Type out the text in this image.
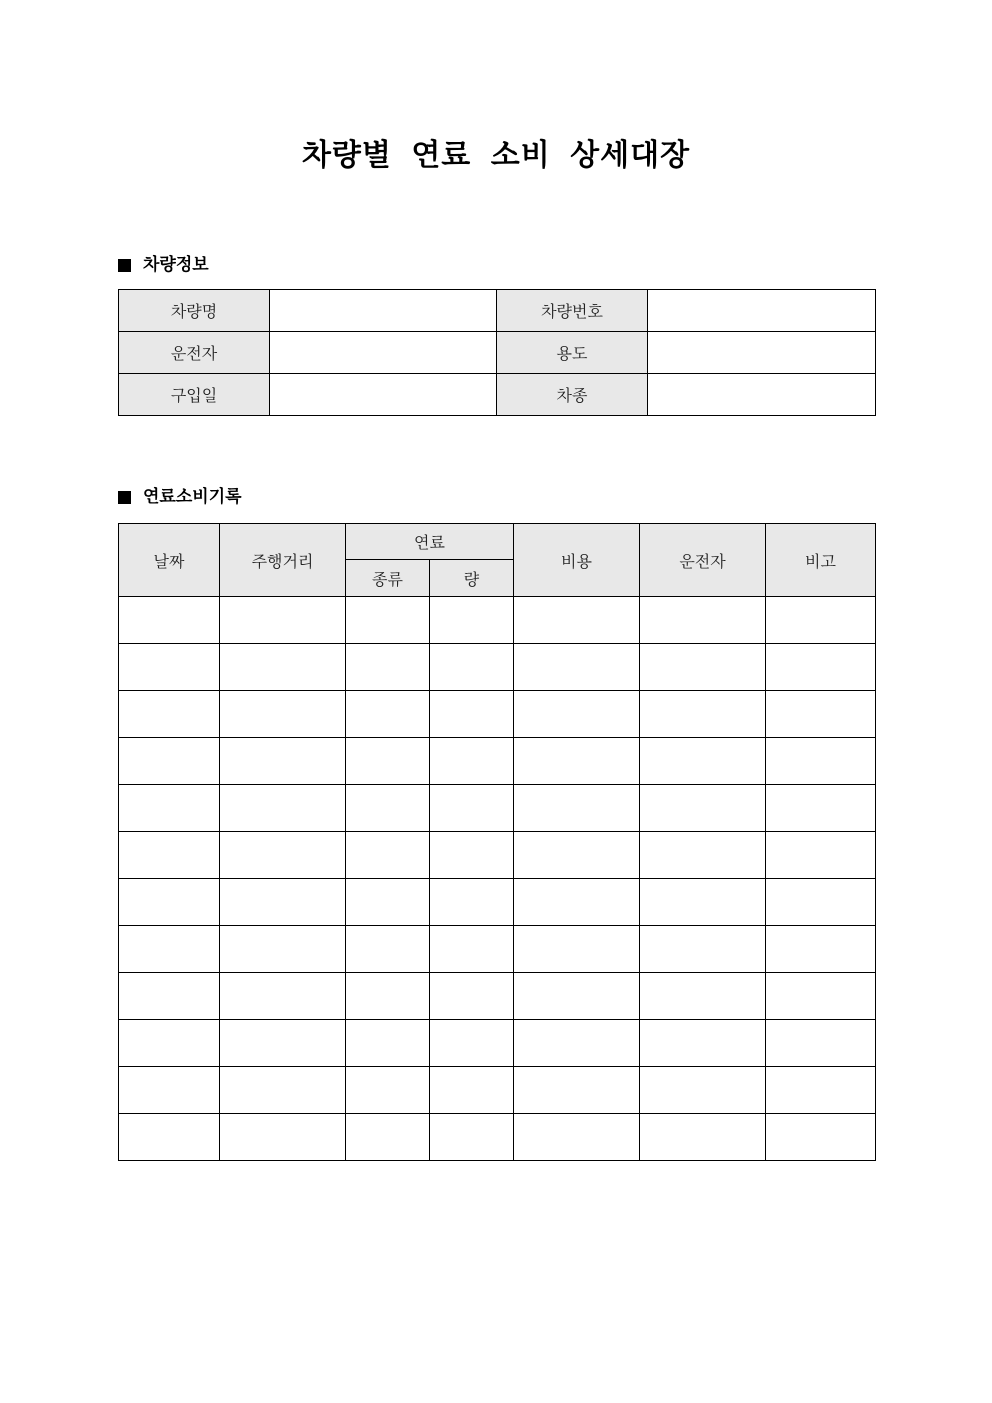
차량별 연료 소비 상세대장
차량정보
차량명		차량번호	
운전자		용도	
구입일		차종	
연료소비기록
날짜	주행거리	연료		비용	운전자	비고
		종류	량			
